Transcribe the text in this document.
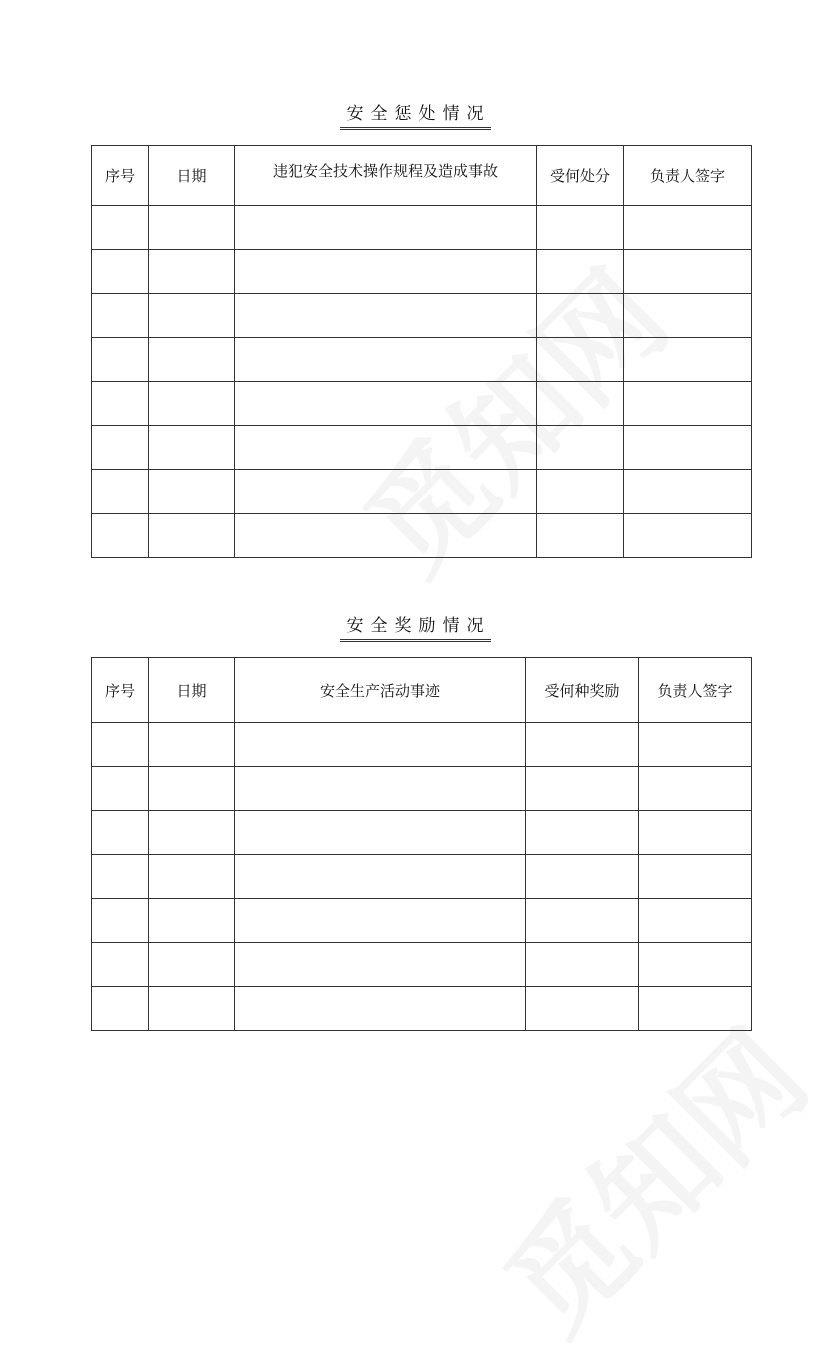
安全惩处情况
序号	日期	违犯安全技术操作规程及造成事故	受何处分	负责人签字

安全奖励情况
序号	日期	安全生产活动事迹	受何种奖励	负责人签字
